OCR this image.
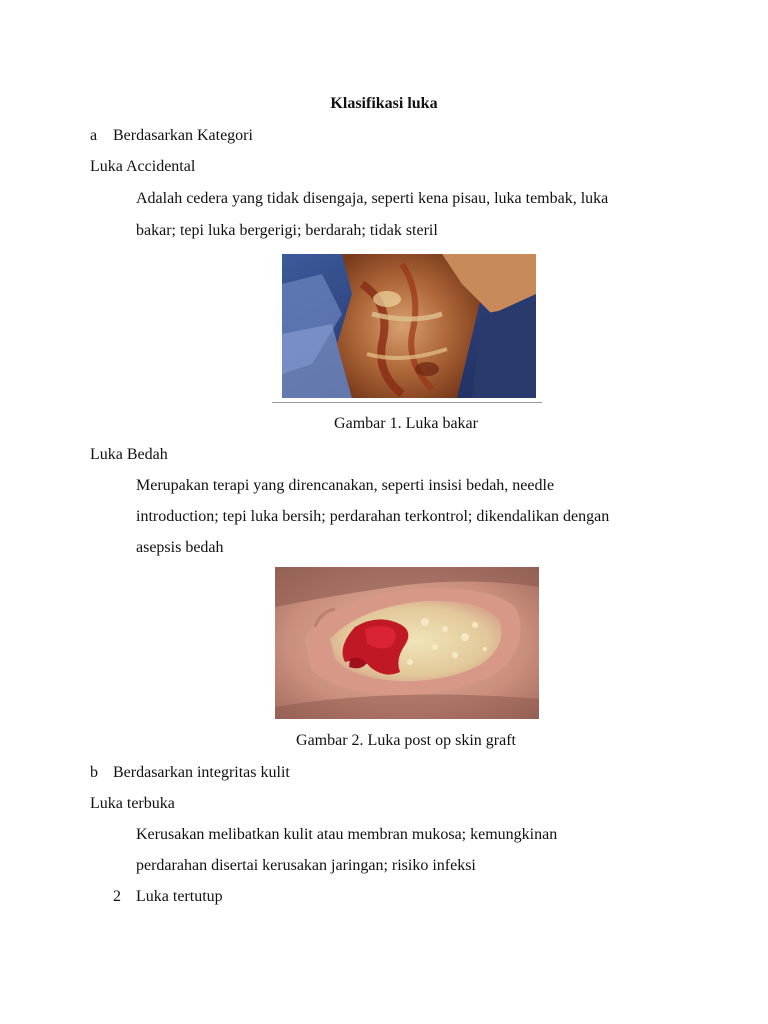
Klasifikasi luka
a Berdasarkan Kategori
Luka Accidental
Adalah cedera yang tidak disengaja, seperti kena pisau, luka tembak, luka
bakar; tepi luka bergerigi; berdarah; tidak steril
Gambar 1. Luka bakar
Luka Bedah
Merupakan terapi yang direncanakan, seperti insisi bedah, needle
introduction; tepi luka bersih; perdarahan terkontrol; dikendalikan dengan
asepsis bedah
Gambar 2. Luka post op skin graft
b Berdasarkan integritas kulit
Luka terbuka
Kerusakan melibatkan kulit atau membran mukosa; kemungkinan
perdarahan disertai kerusakan jaringan; risiko infeksi
2 Luka tertutup
